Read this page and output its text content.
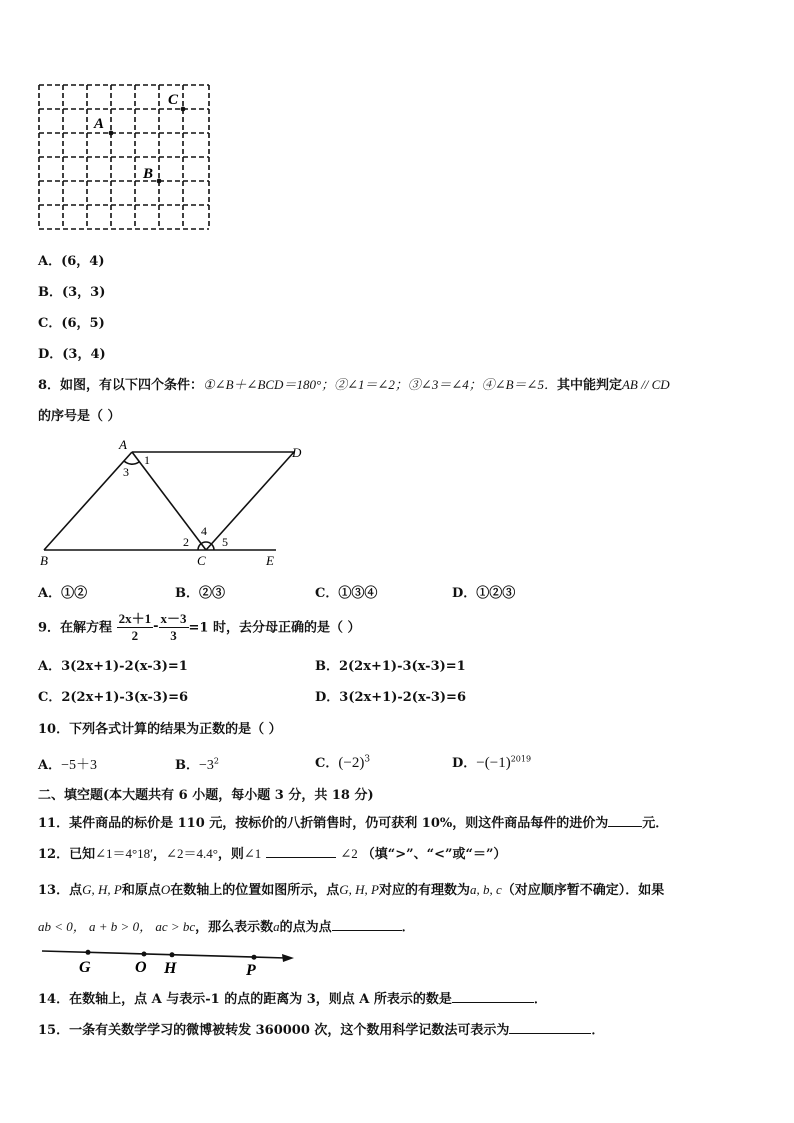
C
A
B
A．(6，4)
B．(3，3)
C．(6，5)
D．(3，4)
8．如图，有以下四个条件：①∠B＋∠BCD＝180°；②∠1＝∠2；③∠3＝∠4；④∠B＝∠5．其中能判定AB // CD
的序号是（ ）
A
D
B	C	E
1
3
4
2	5
A．①②	B．②③	C．①③④	D．①②③
9．在解方程 $\frac{2x+1}{2} - \frac{x-3}{3} =1$ 时，去分母正确的是（ ）
A．3(2x+1)-2(x-3)=1	B．2(2x+1)-3(x-3)=1
C．2(2x+1)-3(x-3)=6	D．3(2x+1)-2(x-3)=6
10．下列各式计算的结果为正数的是（ ）
A．−5＋3	B．$-3^2$	C．$(-2)^3$	D．$-(-1)^{2019}$
二、填空题(本大题共有 6 小题，每小题 3 分，共 18 分)
11．某件商品的标价是 110 元，按标价的八折销售时，仍可获利 10%，则这件商品每件的进价为	元．
12．已知∠1＝4°18′，∠2＝4.4°，则∠1	∠2 （填“>”、“<”或“＝”）
13．点G, H, P和原点O在数轴上的位置如图所示，点G, H, P对应的有理数为a, b, c（对应顺序暂不确定）．如果
ab < 0， a + b > 0， ac > bc，那么表示数a的点为点	．
G	O H	P
14．在数轴上，点 A 与表示-1 的点的距离为 3，则点 A 所表示的数是	．
15．一条有关数学学习的微博被转发 360000 次，这个数用科学记数法可表示为	．
